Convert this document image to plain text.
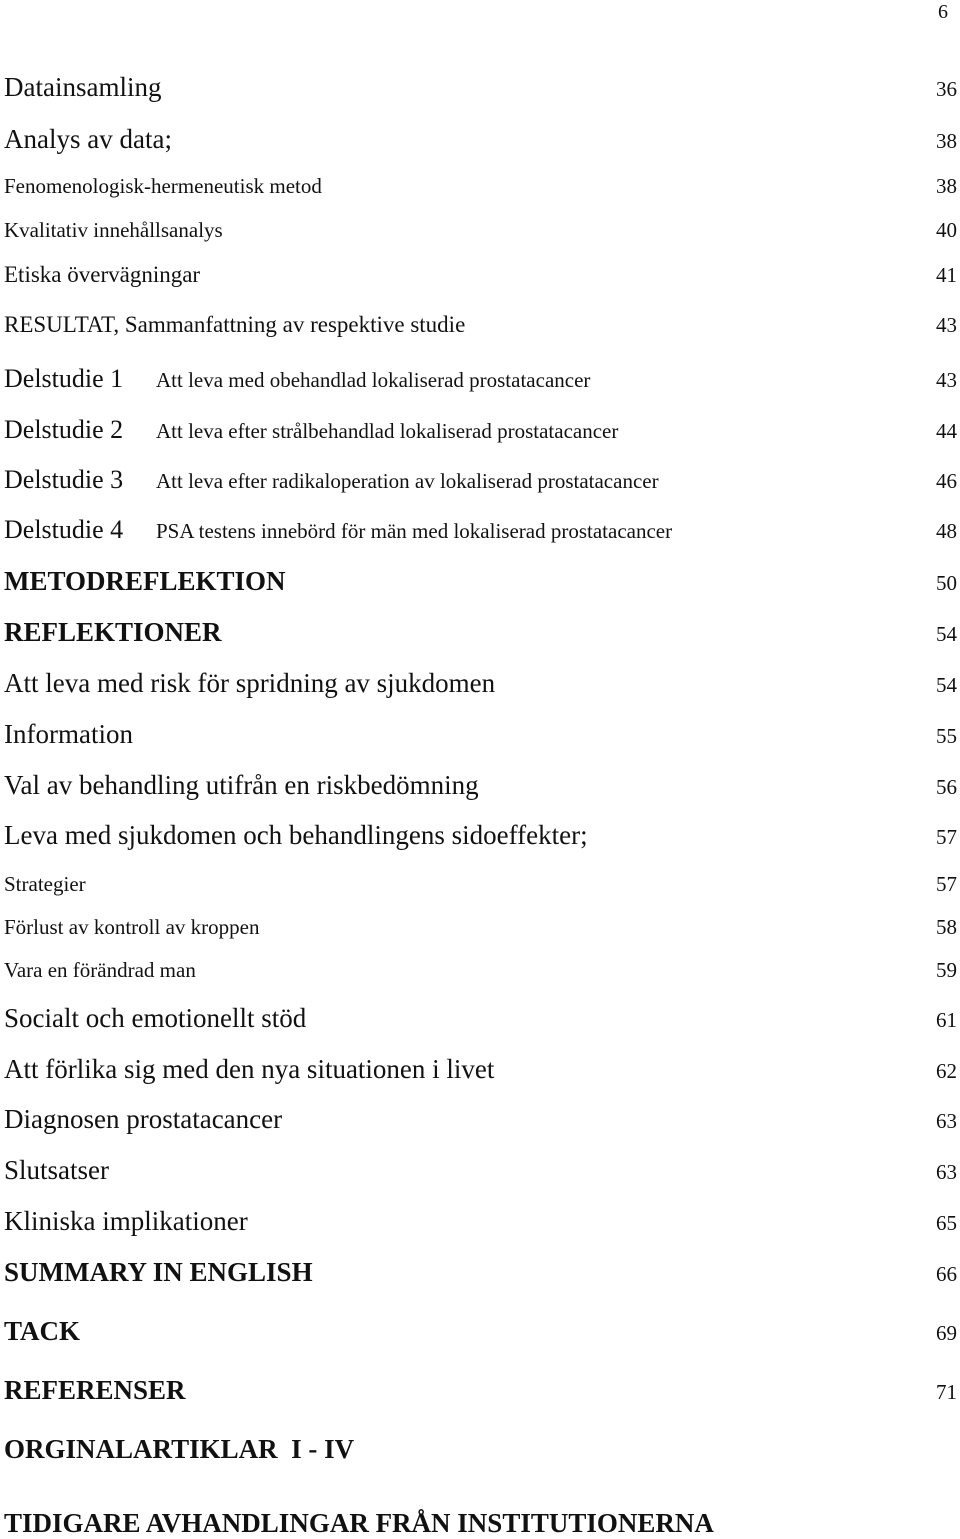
6
Datainsamling	36
Analys av data;	38
Fenomenologisk-hermeneutisk metod	38
Kvalitativ innehållsanalys	40
Etiska övervägningar	41
RESULTAT, Sammanfattning av respektive studie	43
Delstudie 1 Att leva med obehandlad lokaliserad prostatacancer	43
Delstudie 2 Att leva efter strålbehandlad lokaliserad prostatacancer	44
Delstudie 3 Att leva efter radikaloperation av lokaliserad prostatacancer	46
Delstudie 4 PSA testens innebörd för män med lokaliserad prostatacancer	48
METODREFLEKTION	50
REFLEKTIONER	54
Att leva med risk för spridning av sjukdomen	54
Information	55
Val av behandling utifrån en riskbedömning	56
Leva med sjukdomen och behandlingens sidoeffekter;	57
Strategier	57
Förlust av kontroll av kroppen	58
Vara en förändrad man	59
Socialt och emotionellt stöd	61
Att förlika sig med den nya situationen i livet	62
Diagnosen prostatacancer	63
Slutsatser	63
Kliniska implikationer	65
SUMMARY IN ENGLISH	66
TACK	69
REFERENSER	71
ORGINALARTIKLAR  I - IV
TIDIGARE AVHANDLINGAR FRÅN INSTITUTIONERNA
